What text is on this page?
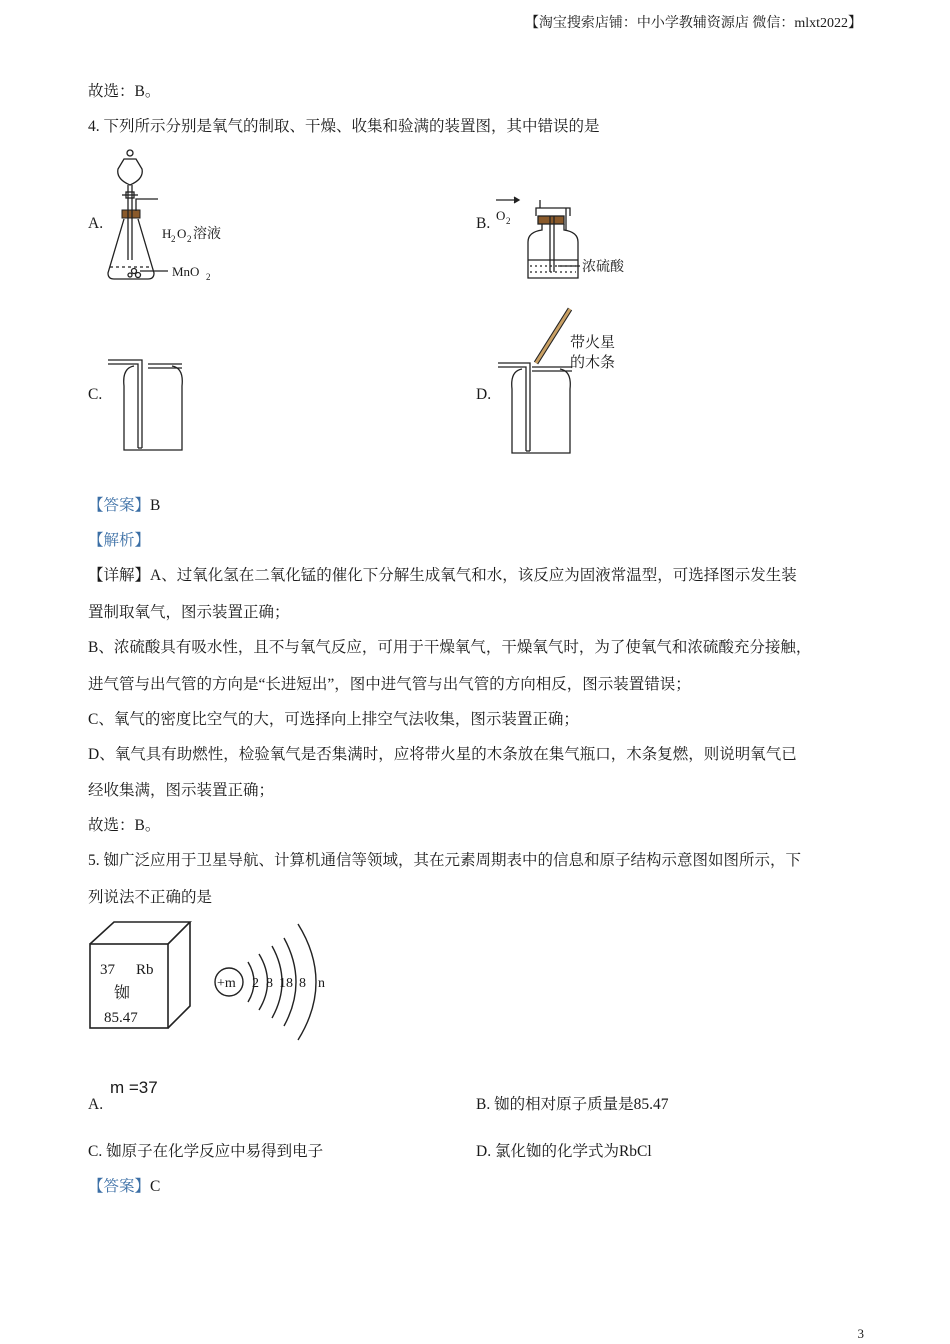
【淘宝搜索店铺：中小学教辅资源店 微信：mlxt2022】
故选：B。
4. 下列所示分别是氧气的制取、干燥、收集和验满的装置图，其中错误的是
A.
H 2 O 2 溶液
MnO 2
B. O 2
浓硫酸
C.	D.
带火星
的木条
【答案】B
【解析】
【详解】A、过氧化氢在二氧化锰的催化下分解生成氧气和水，该反应为固液常温型，可选择图示发生装
置制取氧气，图示装置正确；
B、浓硫酸具有吸水性，且不与氧气反应，可用于干燥氧气，干燥氧气时，为了使氧气和浓硫酸充分接触，
进气管与出气管的方向是“长进短出”，图中进气管与出气管的方向相反，图示装置错误；
C、氧气的密度比空气的大，可选择向上排空气法收集，图示装置正确；
D、氧气具有助燃性，检验氧气是否集满时，应将带火星的木条放在集气瓶口，木条复燃，则说明氧气已
经收集满，图示装置正确；
故选：B。
5. 铷广泛应用于卫星导航、计算机通信等领域，其在元素周期表中的信息和原子结构示意图如图所示，下
列说法不正确的是
37 Rb
铷
85.47
+m 2 8 18 8 n
A.
m =37
B. 铷的相对原子质量是85.47
C. 铷原子在化学反应中易得到电子	D. 氯化铷的化学式为RbCl
【答案】C
3
